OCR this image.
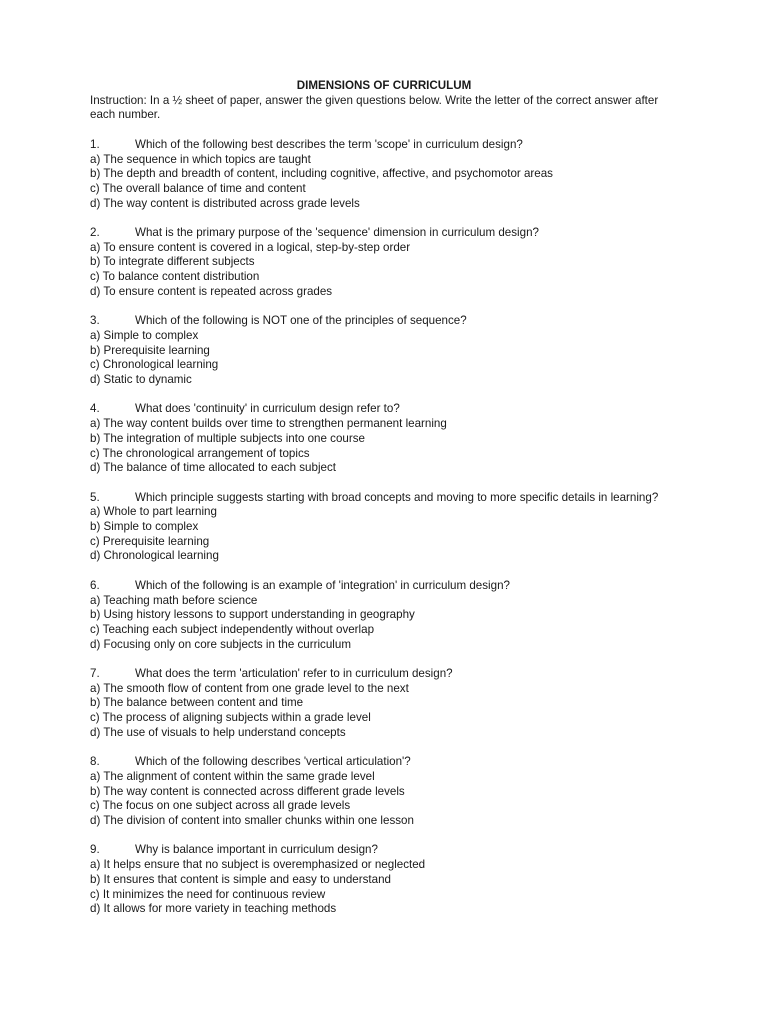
DIMENSIONS OF CURRICULUM

Instruction: In a ½ sheet of paper, answer the given questions below. Write the letter of the correct answer after each number.

1.	Which of the following best describes the term 'scope' in curriculum design?

a) The sequence in which topics are taught

b) The depth and breadth of content, including cognitive, affective, and psychomotor areas

c) The overall balance of time and content

d) The way content is distributed across grade levels

2.	What is the primary purpose of the 'sequence' dimension in curriculum design?

a) To ensure content is covered in a logical, step-by-step order

b) To integrate different subjects

c) To balance content distribution

d) To ensure content is repeated across grades

3.	Which of the following is NOT one of the principles of sequence?

a) Simple to complex

b) Prerequisite learning

c) Chronological learning

d) Static to dynamic

4.	What does 'continuity' in curriculum design refer to?

a) The way content builds over time to strengthen permanent learning

b) The integration of multiple subjects into one course

c) The chronological arrangement of topics

d) The balance of time allocated to each subject

5.	Which principle suggests starting with broad concepts and moving to more specific details in learning?

a) Whole to part learning

b) Simple to complex

c) Prerequisite learning

d) Chronological learning

6.	Which of the following is an example of 'integration' in curriculum design?

a) Teaching math before science

b) Using history lessons to support understanding in geography

c) Teaching each subject independently without overlap

d) Focusing only on core subjects in the curriculum

7.	What does the term 'articulation' refer to in curriculum design?

a) The smooth flow of content from one grade level to the next

b) The balance between content and time

c) The process of aligning subjects within a grade level

d) The use of visuals to help understand concepts

8.	Which of the following describes 'vertical articulation'?

a) The alignment of content within the same grade level

b) The way content is connected across different grade levels

c) The focus on one subject across all grade levels

d) The division of content into smaller chunks within one lesson

9.	Why is balance important in curriculum design?

a) It helps ensure that no subject is overemphasized or neglected

b) It ensures that content is simple and easy to understand

c) It minimizes the need for continuous review

d) It allows for more variety in teaching methods
